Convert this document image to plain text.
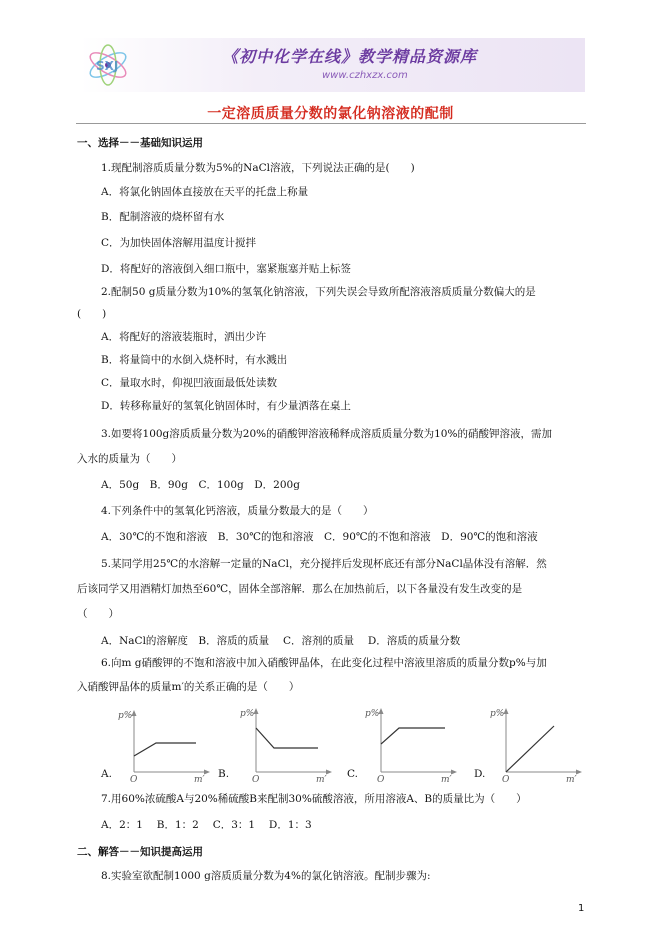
SXJ	《初中化学在线》教学精品资源库
www.czhxzx.com
一定溶质质量分数的氯化钠溶液的配制
一、选择－－基础知识运用
1.现配制溶质质量分数为5%的NaCl溶液，下列说法正确的是(　　)
A．将氯化钠固体直接放在天平的托盘上称量
B．配制溶液的烧杯留有水
C．为加快固体溶解用温度计搅拌
D．将配好的溶液倒入细口瓶中，塞紧瓶塞并贴上标签
2.配制50 g质量分数为10%的氢氧化钠溶液，下列失误会导致所配溶液溶质质量分数偏大的是
(　　)
A．将配好的溶液装瓶时，洒出少许
B．将量筒中的水倒入烧杯时，有水溅出
C．量取水时，仰视凹液面最低处读数
D．转移称量好的氢氧化钠固体时，有少量洒落在桌上
3.如要将100g溶质质量分数为20%的硝酸钾溶液稀释成溶质质量分数为10%的硝酸钾溶液，需加
入水的质量为（　　）
A．50g　B．90g　C．100g　D．200g
4.下列条件中的氢氧化钙溶液，质量分数最大的是（　　）
A．30℃的不饱和溶液　B．30℃的饱和溶液　C．90℃的不饱和溶液　D．90℃的饱和溶液
5.某同学用25℃的水溶解一定量的NaCl，充分搅拌后发现杯底还有部分NaCl晶体没有溶解．然
后该同学又用酒精灯加热至60℃，固体全部溶解．那么在加热前后，以下各量没有发生改变的是
（　　）
A．NaCl的溶解度　B．溶质的质量　 C．溶剂的质量　 D．溶质的质量分数
6.向m g硝酸钾的不饱和溶液中加入硝酸钾晶体，在此变化过程中溶液里溶质的质量分数p%与加
入硝酸钾晶体的质量m′的关系正确的是（　　）
A.
p%
O	m′ B.
p%
O	m′ C.
p%
O	m′ D.
p%
O	m′
7.用60%浓硫酸A与20%稀硫酸B来配制30%硫酸溶液，所用溶液A、B的质量比为（　　）
A．2：1　 B．1：2　 C．3：1　 D．1：3
二、解答－－知识提高运用
8.实验室欲配制1000 g溶质质量分数为4%的氯化钠溶液。配制步骤为:
1
